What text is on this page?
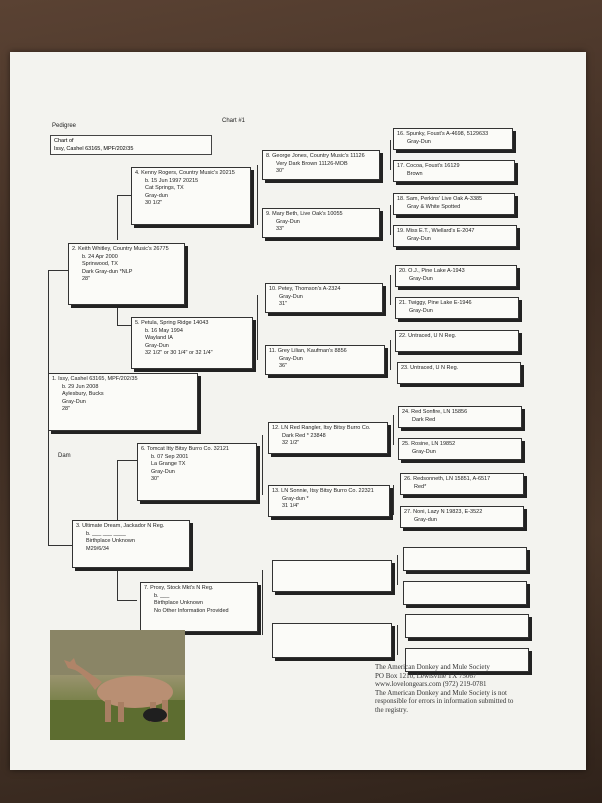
Pedigree
Chart #1
Chart of
Issy, Cashel 63165, MPF/202/35
Dam
1. Issy, Cashel 63165, MPF/202/35
b. 29 Jun 2008
Aylesbury, Bucks
Gray-Dun
28"
2. Keith Whitley, Country Music's 26775
b. 24 Apr 2000
Sprinwood, TX
Dark Gray-dun *NLP
28"
3. Ultimate Dream, Jackador N Reg.
b. ___ ___ ____
Birthplace Unknown
M29/6/34
4. Kenny Rogers, Country Music's 20215
b. 15 Jun 1997 20215
Cat Springs, TX
Gray-dun
30 1/2"
5. Petula, Spring Ridge 14043
b. 16 May 1994
Wayland IA
Gray-Dun
32 1/2" or 30 1/4" or 32 1/4"
6. Tomcat Itty Bitsy Burro Co. 32121
b. 07 Sep 2001
La Grange TX
Gray-Dun
30"
7. Proxy, Stock Mkt's N Reg.
b. ___
Birthplace Unknown
No Other Information Provided
8. George Jones, Country Music's 11126
Very Dark Brown 11126-MOB
30"
9. Mary Beth, Live Oak's 10055
Gray-Dun
33"
10. Petey, Thomson's A-2324
Gray-Dun
31"
11. Grey Lilian, Kaufman's 8856
Gray-Dun
36"
12. LN Red Rangler, Itsy Bitsy Burro Co.
Dark Red * 23848
32 1/2"
13. LN Sonnie, Itsy Bitsy Burro Co. 22321
Gray-dun *
31 1/4"
16. Spunky, Foust's A-4698, 5129633
Gray-Dun
17. Cocoa, Foust's 16129
Brown
18. Sam, Perkins' Live Oak A-3385
Gray & White Spotted
19. Miss E.T., Wiellard's E-2047
Gray-Dun
20. O.J., Pine Lake A-1943
Gray-Dun
21. Twiggy, Pine Lake E-1946
Gray-Dun
22. Untraced, U N Reg.
23. Untraced, U N Reg.
24. Red Sonfire, LN 15856
Dark Red
25. Rosine, LN 19852
Gray-Dun
26. Redsonneth, LN 15851, A-6517
Red*
27. Noni, Lazy N 19823, E-3522
Gray-dun
The American Donkey and Mule Society
PO Box 1210, Lewisville TX 75067
www.lovelongears.com (972) 219-0781
The American Donkey and Mule Society is not
responsible for errors in information submitted to
the registry.
